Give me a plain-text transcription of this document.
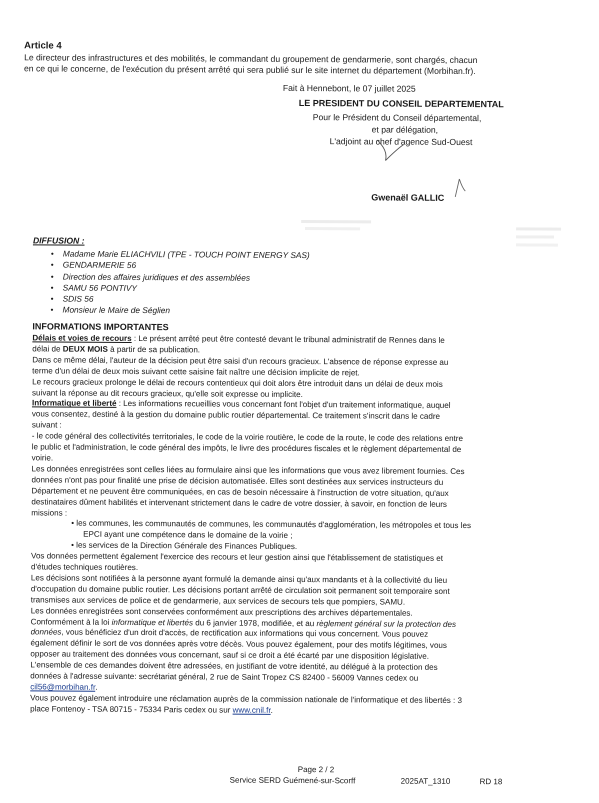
Article 4
Le directeur des infrastructures et des mobilités, le commandant du groupement de gendarmerie, sont chargés, chacun
en ce qui le concerne, de l'exécution du présent arrêté qui sera publié sur le site internet du département (Morbihan.fr).
Fait à Hennebont, le 07 juillet 2025
LE PRESIDENT DU CONSEIL DEPARTEMENTAL
Pour le Président du Conseil départemental,
et par délégation,
L'adjoint au chef d'agence Sud-Ouest
Gwenaël GALLIC
DIFFUSION :
• Madame Marie ELIACHVILI (TPE - TOUCH POINT ENERGY SAS)
• GENDARMERIE 56
• Direction des affaires juridiques et des assemblées
• SAMU 56 PONTIVY
• SDIS 56
• Monsieur le Maire de Séglien
INFORMATIONS IMPORTANTES

Délais et voies de recours : Le présent arrêté peut être contesté devant le tribunal administratif de Rennes dans le

délai de DEUX MOIS à partir de sa publication.

Dans ce même délai, l'auteur de la décision peut être saisi d'un recours gracieux. L'absence de réponse expresse au

terme d'un délai de deux mois suivant cette saisine fait naître une décision implicite de rejet.

Le recours gracieux prolonge le délai de recours contentieux qui doit alors être introduit dans un délai de deux mois

suivant la réponse au dit recours gracieux, qu'elle soit expresse ou implicite.

Informatique et liberté : Les informations recueillies vous concernant font l'objet d'un traitement informatique, auquel

vous consentez, destiné à la gestion du domaine public routier départemental. Ce traitement s'inscrit dans le cadre

suivant :

- le code général des collectivités territoriales, le code de la voirie routière, le code de la route, le code des relations entre

le public et l'administration, le code général des impôts, le livre des procédures fiscales et le règlement départemental de

voirie.

Les données enregistrées sont celles liées au formulaire ainsi que les informations que vous avez librement fournies. Ces

données n'ont pas pour finalité une prise de décision automatisée. Elles sont destinées aux services instructeurs du

Département et ne peuvent être communiquées, en cas de besoin nécessaire à l'instruction de votre situation, qu'aux

destinataires dûment habilités et intervenant strictement dans le cadre de votre dossier, à savoir, en fonction de leurs

missions :

• les communes, les communautés de communes, les communautés d'agglomération, les métropoles et tous les

EPCI ayant une compétence dans le domaine de la voirie ;

• les services de la Direction Générale des Finances Publiques.

Vos données permettent également l'exercice des recours et leur gestion ainsi que l'établissement de statistiques et

d'études techniques routières.

Les décisions sont notifiées à la personne ayant formulé la demande ainsi qu'aux mandants et à la collectivité du lieu

d'occupation du domaine public routier. Les décisions portant arrêté de circulation soit permanent soit temporaire sont

transmises aux services de police et de gendarmerie, aux services de secours tels que pompiers, SAMU.

Les données enregistrées sont conservées conformément aux prescriptions des archives départementales.

Conformément à la loi informatique et libertés du 6 janvier 1978, modifiée, et au règlement général sur la protection des

données, vous bénéficiez d'un droit d'accès, de rectification aux informations qui vous concernent. Vous pouvez

également définir le sort de vos données après votre décès. Vous pouvez également, pour des motifs légitimes, vous

opposer au traitement des données vous concernant, sauf si ce droit a été écarté par une disposition législative.

L'ensemble de ces demandes doivent être adressées, en justifiant de votre identité, au délégué à la protection des

données à l'adresse suivante: secrétariat général, 2 rue de Saint Tropez CS 82400 - 56009 Vannes cedex ou

cil56@morbihan.fr.

Vous pouvez également introduire une réclamation auprès de la commission nationale de l'informatique et des libertés : 3

place Fontenoy - TSA 80715 - 75334 Paris cedex ou sur www.cnil.fr.

Page 2 / 2
Service SERD Guémené-sur-Scorff	2025AT_1310	RD 18
